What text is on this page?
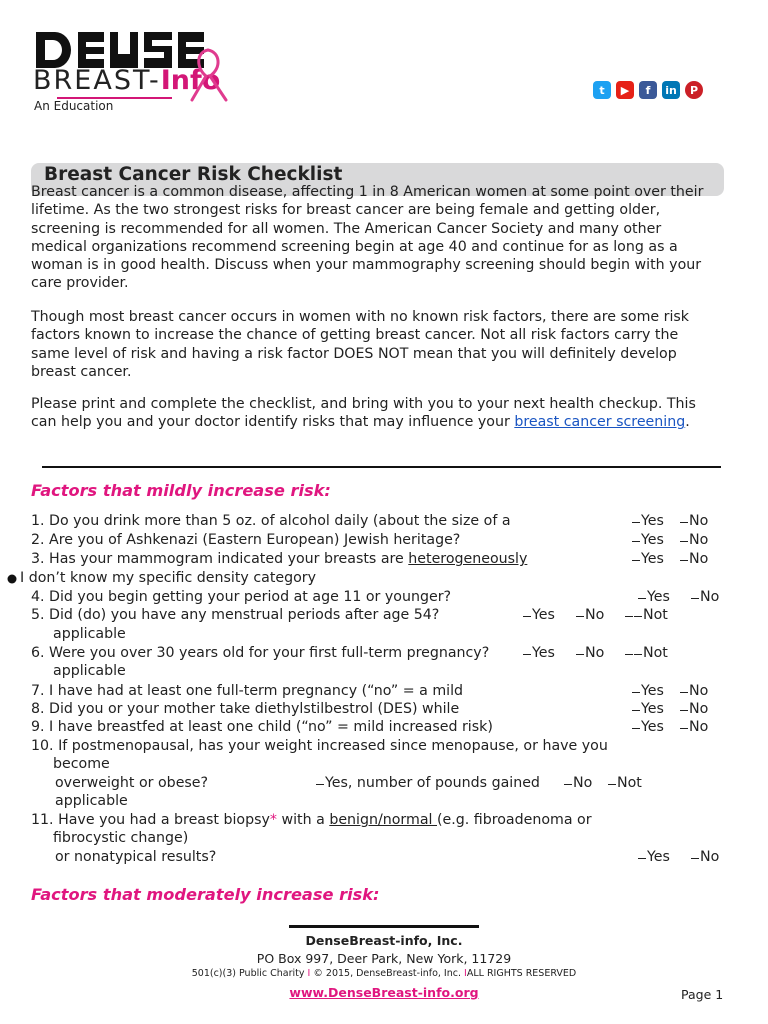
BREAST-Info
An Education
t ▶ f in P
Breast Cancer Risk Checklist

Breast cancer is a common disease, affecting 1 in 8 American women at some point over their lifetime. As the two strongest risks for breast cancer are being female and getting older, screening is recommended for all women. The American Cancer Society and many other medical organizations recommend screening begin at age 40 and continue for as long as a woman is in good health. Discuss when your mammography screening should begin with your care provider.

Though most breast cancer occurs in women with no known risk factors, there are some risk factors known to increase the chance of getting breast cancer. Not all risk factors carry the same level of risk and having a risk factor DOES NOT mean that you will definitely develop breast cancer.

Please print and complete the checklist, and bring with you to your next health checkup. This can help you and your doctor identify risks that may influence your breast cancer screening.

Factors that mildly increase risk:
1. Do you drink more than 5 oz. of alcohol daily (about the size of a	Yes	No
2. Are you of Ashkenazi (Eastern European) Jewish heritage?	Yes	No
3. Has your mammogram indicated your breasts are heterogeneously	Yes	No
I don’t know my specific density category
4. Did you begin getting your period at age 11 or younger?	Yes	No
5. Did (do) you have any menstrual periods after age 54?	Yes	No	Not
applicable
6. Were you over 30 years old for your first full-term pregnancy?	Yes	No	Not
applicable
7. I have had at least one full-term pregnancy (“no” = a mild	Yes	No
8. Did you or your mother take diethylstilbestrol (DES) while	Yes	No
9. I have breastfed at least one child (“no” = mild increased risk)	Yes	No
10. If postmenopausal, has your weight increased since menopause, or have you
become
overweight or obese?	Yes, number of pounds gained	No	Not
applicable
11. Have you had a breast biopsy* with a benign/normal (e.g. fibroadenoma or
fibrocystic change)
or nonatypical results?	Yes	No
Factors that moderately increase risk:
DenseBreast-info, Inc.
PO Box 997, Deer Park, New York, 11729
501(c)(3) Public Charity I © 2015, DenseBreast-info, Inc. IALL RIGHTS RESERVED
www.DenseBreast-info.org	Page 1
